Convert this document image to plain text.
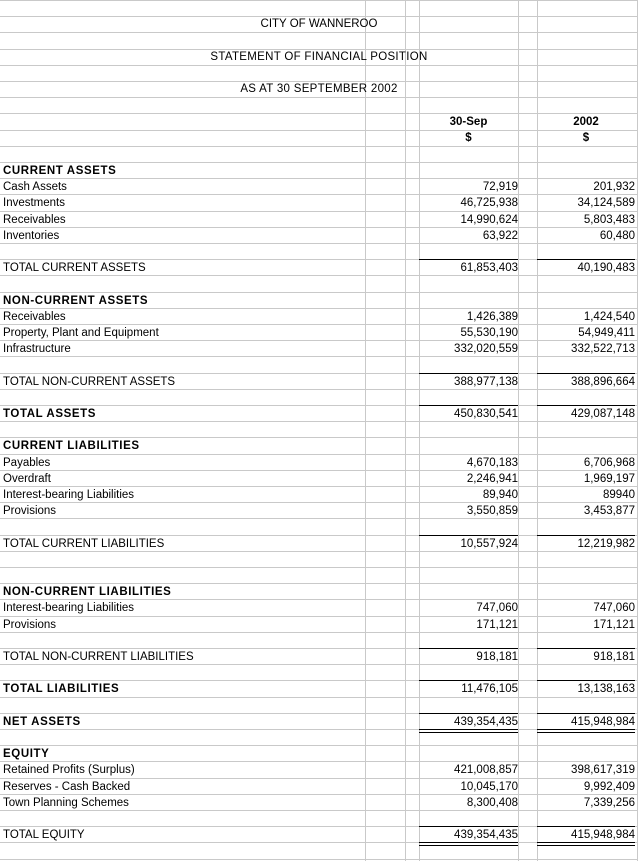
CITY OF WANNEROO
STATEMENT OF FINANCIAL POSITION
AS AT 30 SEPTEMBER 2002
30-Sep
$
2002
$
CURRENT ASSETS
Cash Assets	72,919	201,932
Investments	46,725,938	34,124,589
Receivables	14,990,624	5,803,483
Inventories	63,922	60,480
TOTAL CURRENT ASSETS	61,853,403	40,190,483
NON-CURRENT ASSETS
Receivables	1,426,389	1,424,540
Property, Plant and Equipment	55,530,190	54,949,411
Infrastructure	332,020,559	332,522,713
TOTAL NON-CURRENT ASSETS	388,977,138	388,896,664
TOTAL ASSETS	450,830,541	429,087,148
CURRENT LIABILITIES
Payables	4,670,183	6,706,968
Overdraft	2,246,941	1,969,197
Interest-bearing Liabilities	89,940	89940
Provisions	3,550,859	3,453,877
TOTAL CURRENT LIABILITIES	10,557,924	12,219,982
NON-CURRENT LIABILITIES
Interest-bearing Liabilities	747,060	747,060
Provisions	171,121	171,121
TOTAL NON-CURRENT LIABILITIES	918,181	918,181
TOTAL LIABILITIES	11,476,105	13,138,163
NET ASSETS	439,354,435	415,948,984
EQUITY
Retained Profits (Surplus)	421,008,857	398,617,319
Reserves - Cash Backed	10,045,170	9,992,409
Town Planning Schemes	8,300,408	7,339,256
TOTAL EQUITY	439,354,435	415,948,984
